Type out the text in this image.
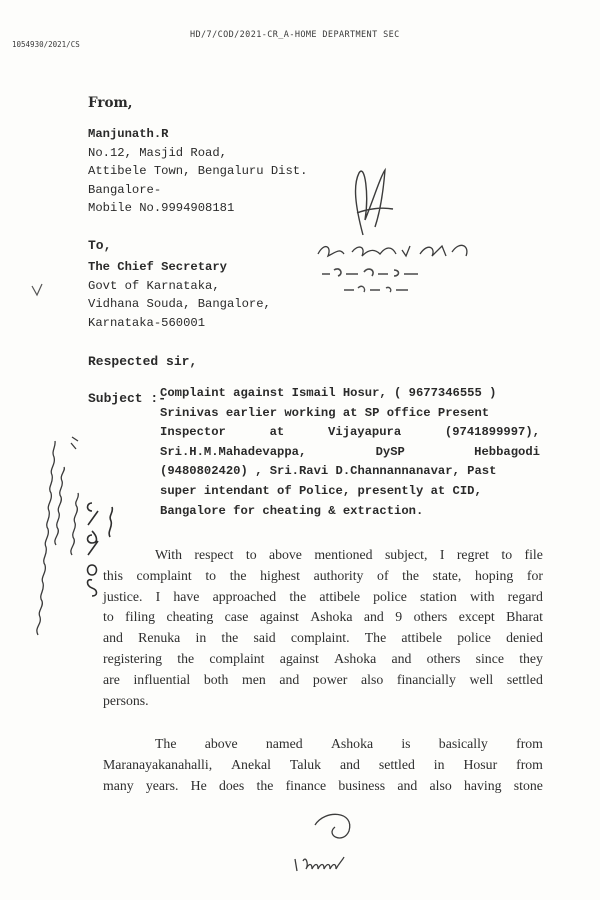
HD/7/COD/2021-CR_A-HOME DEPARTMENT SEC
1054930/2021/CS
From,
Manjunath.R
No.12, Masjid Road,
Attibele Town, Bengaluru Dist.
Bangalore-
Mobile No.9994908181
To,
The Chief Secretary
Govt of Karnataka,
Vidhana Souda, Bangalore,
Karnataka-560001
Respected sir,
Subject :-
Complaint against Ismail Hosur, ( 9677346555 )
Srinivas earlier working at SP office Present
Inspector	at	Vijayapura	(9741899997),
Sri.H.M.Mahadevappa,	DySP	Hebbagodi
(9480802420) , Sri.Ravi D.Channannanavar, Past
super intendant of Police, presently at CID,
Bangalore for cheating & extraction.
With respect to above mentioned subject, I regret to file
this complaint to the highest authority of the state, hoping for
justice. I have approached the attibele police station with regard
to filing cheating case against Ashoka and 9 others except Bharat
and Renuka in the said complaint. The attibele police denied
registering the complaint against Ashoka and others since they
are influential both men and power also financially well settled
persons.
The above named Ashoka is basically from
Maranayakanahalli, Anekal Taluk and settled in Hosur from
many years. He does the finance business and also having stone
